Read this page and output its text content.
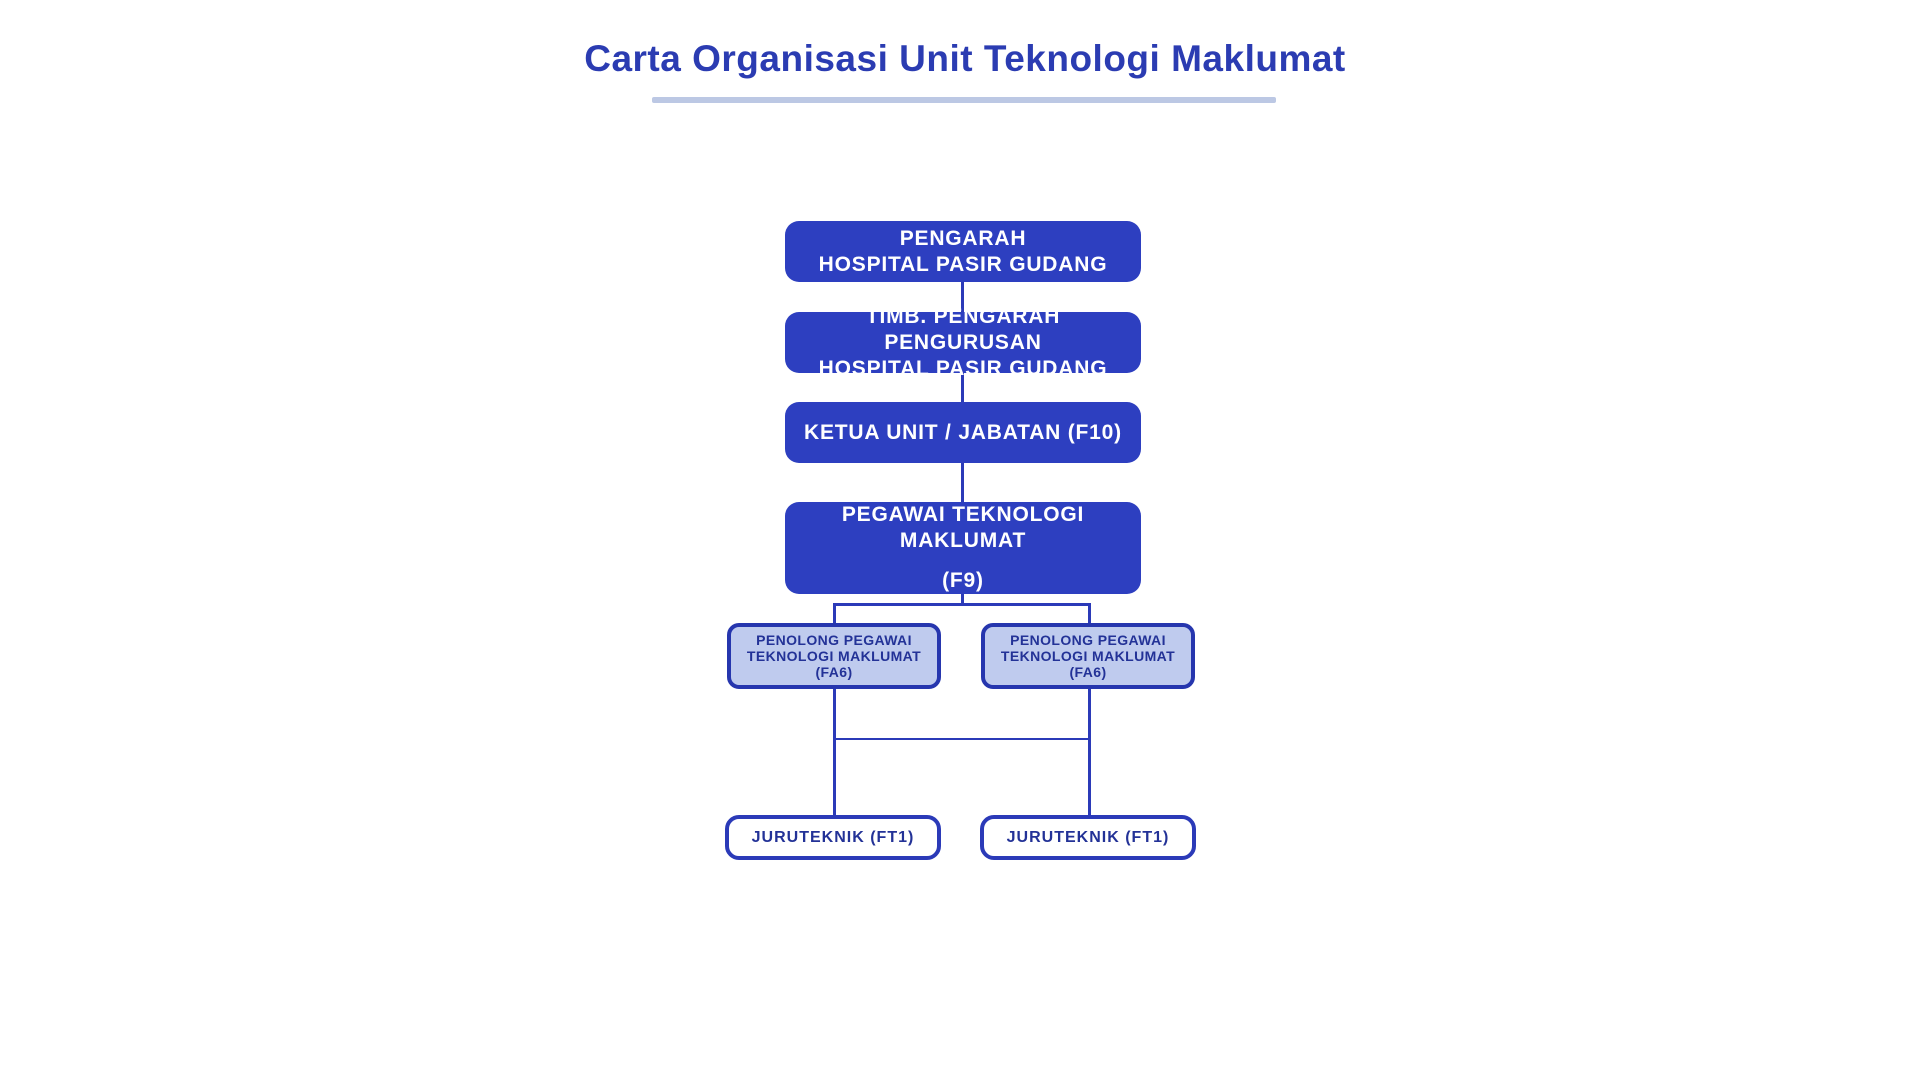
Carta Organisasi Unit Teknologi Maklumat
PENGARAH
HOSPITAL PASIR GUDANG
TIMB. PENGARAH PENGURUSAN
HOSPITAL PASIR GUDANG
KETUA UNIT / JABATAN (F10)
PEGAWAI TEKNOLOGI MAKLUMAT
(F9)
PENOLONG PEGAWAI
TEKNOLOGI MAKLUMAT
(FA6)
PENOLONG PEGAWAI
TEKNOLOGI MAKLUMAT
(FA6)
JURUTEKNIK (FT1)	JURUTEKNIK (FT1)
